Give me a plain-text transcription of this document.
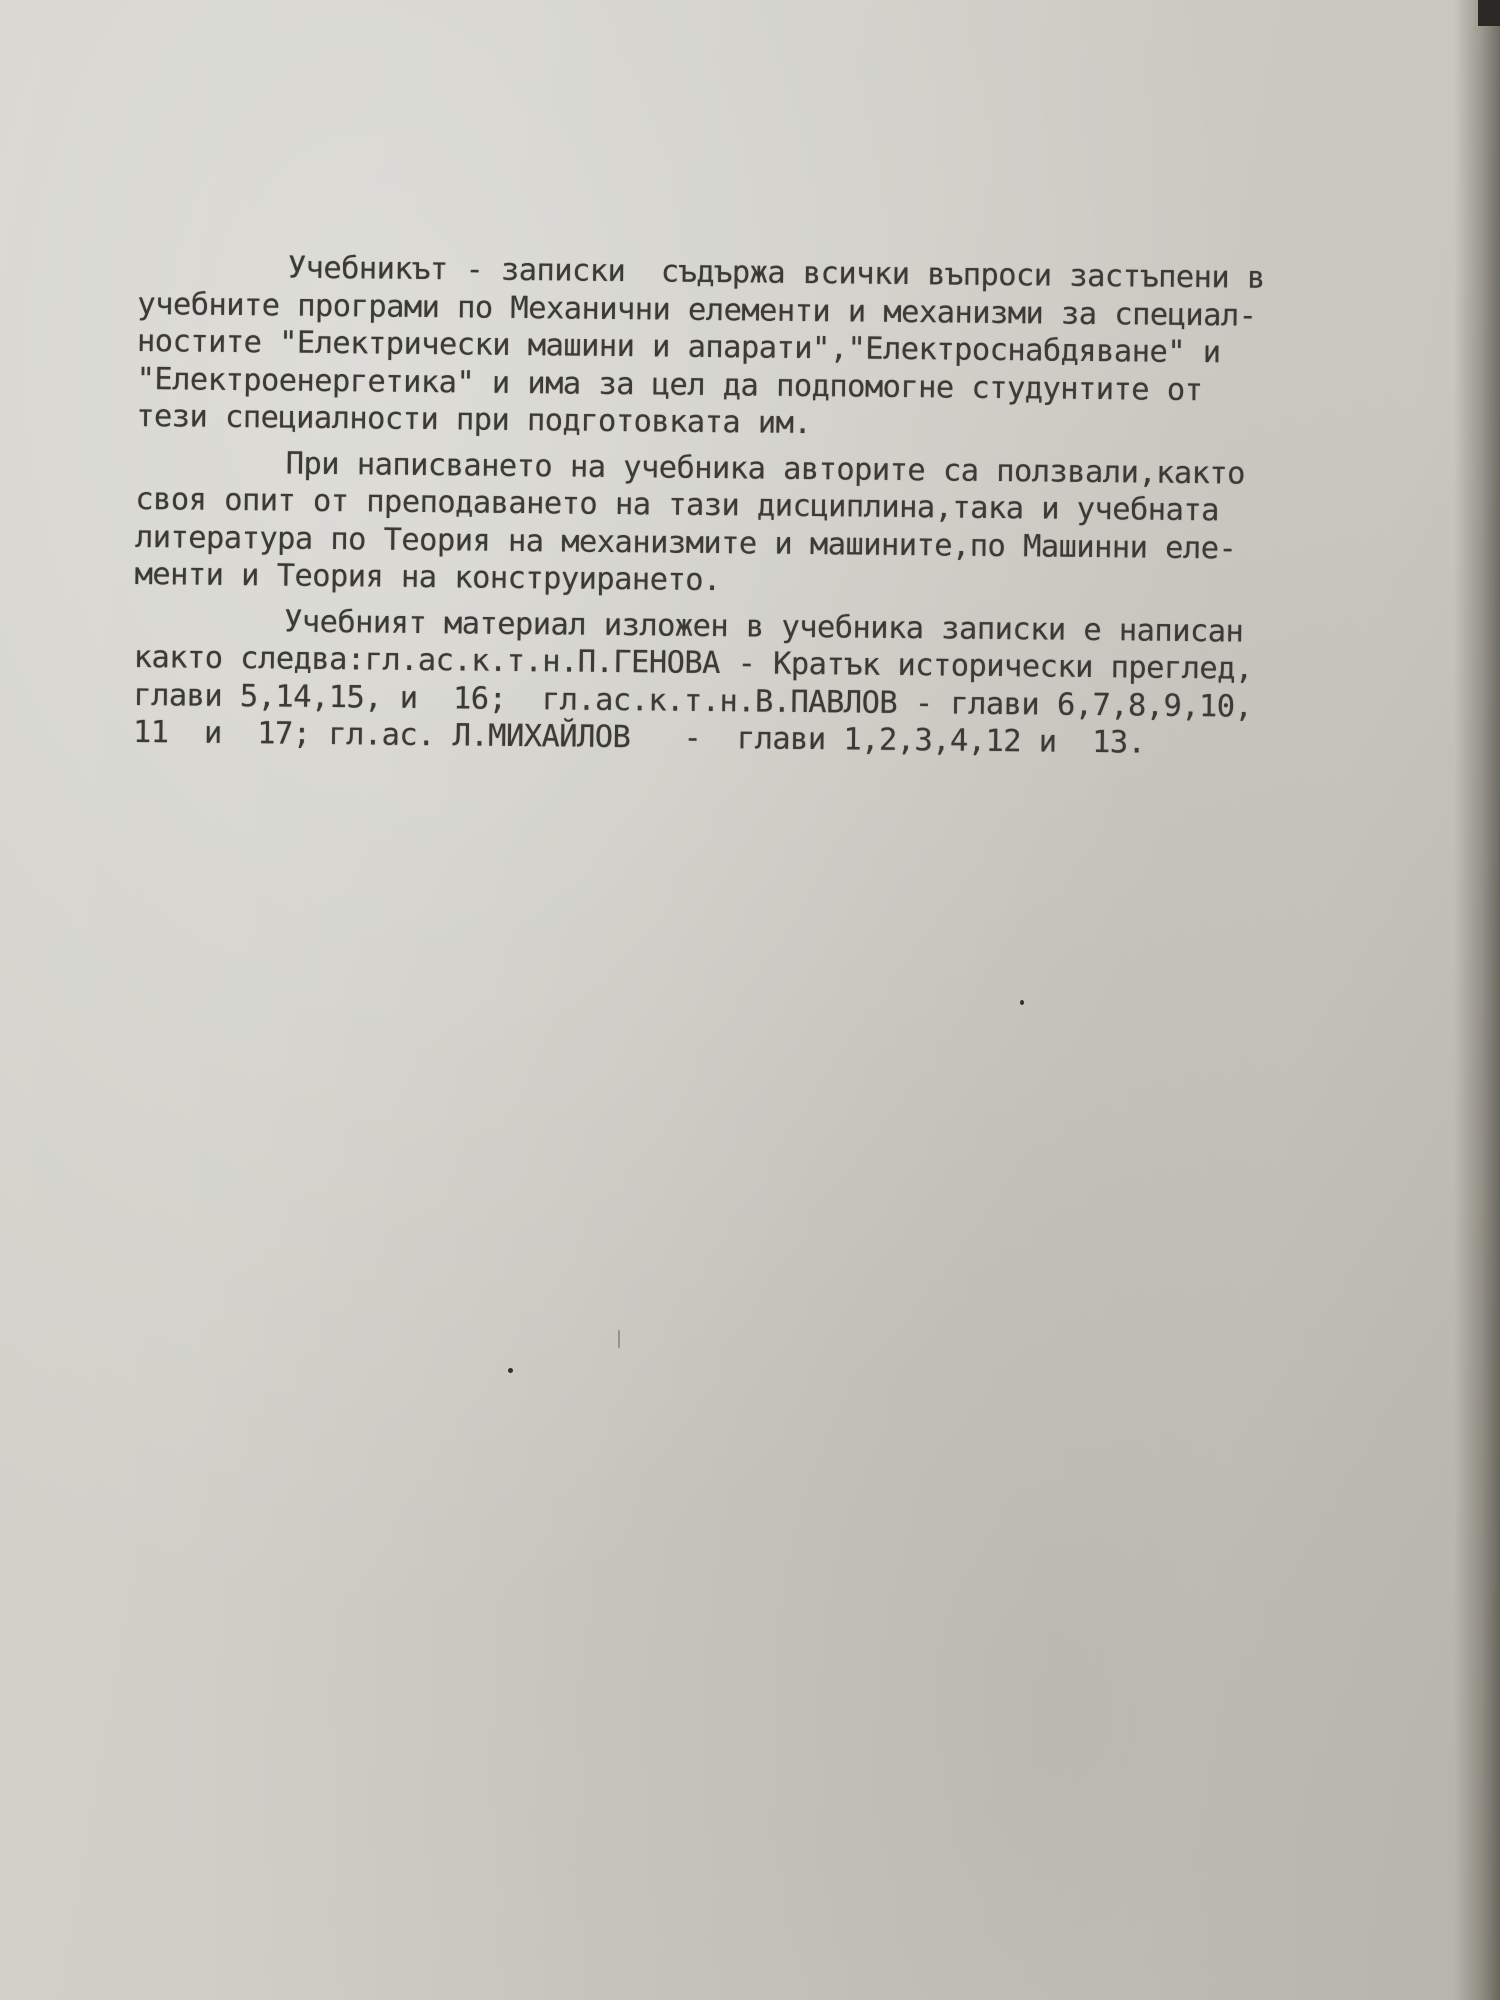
Учебникът - записки  съдържа всички въпроси застъпени в
учебните програми по Механични елементи и механизми за специал-
ностите "Електрически машини и апарати","Електроснабдяване" и
"Електроенергетика" и има за цел да подпомогне студунтите от
тези специалности при подготовката им.
При написването на учебника авторите са ползвали,както
своя опит от преподаването на тази дисциплина,така и учебната
литература по Теория на механизмите и машините,по Машинни еле-
менти и Теория на конструирането.
Учебният материал изложен в учебника записки е написан
както следва:гл.ас.к.т.н.П.ГЕНОВА - Кратък исторически преглед,
глави 5,14,15, и  16;  гл.ас.к.т.н.В.ПАВЛОВ - глави 6,7,8,9,10,
11  и  17; гл.ас. Л.МИХАЙЛОВ   -  глави 1,2,3,4,12 и  13.
